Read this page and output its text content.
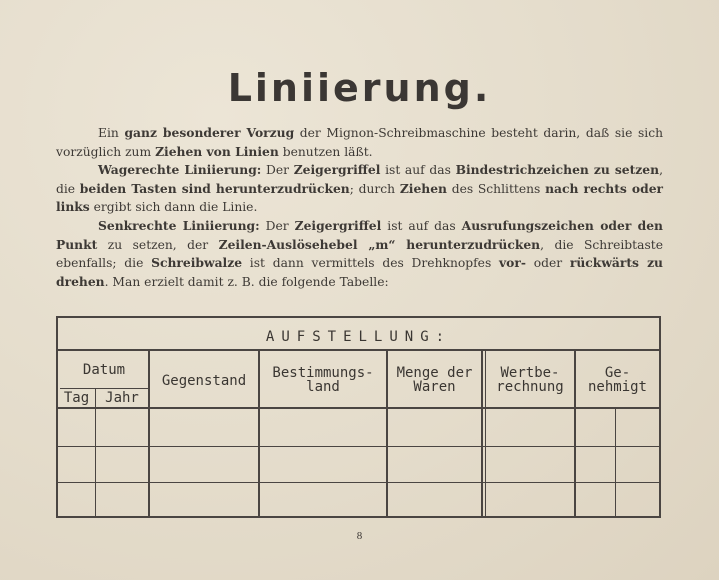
Liniierung.

Ein ganz besonderer Vorzug der Mignon-Schreibmaschine besteht darin, daß sie sich vorzüglich zum Ziehen von Linien benutzen läßt.

Wagerechte Liniierung: Der Zeigergriffel ist auf das Bindestrichzeichen zu setzen, die beiden Tasten sind herunterzudrücken; durch Ziehen des Schlittens nach rechts oder links ergibt sich dann die Linie.

Senkrechte Liniierung: Der Zeigergriffel ist auf das Ausrufungszeichen oder den Punkt zu setzen, der Zeilen-Auslösehebel „m“ herunterzudrücken, die Schreibtaste ebenfalls; die Schreibwalze ist dann vermittels des Drehknopfes vor- oder rückwärts zu drehen. Man erzielt damit z. B. die folgende Tabelle:

AUFSTELLUNG:
Datum
Tag	Jahr
Gegenstand	Bestimmungs-
land
Menge der
Waren
Wertbe-
rechnung
Ge-
nehmigt
8
